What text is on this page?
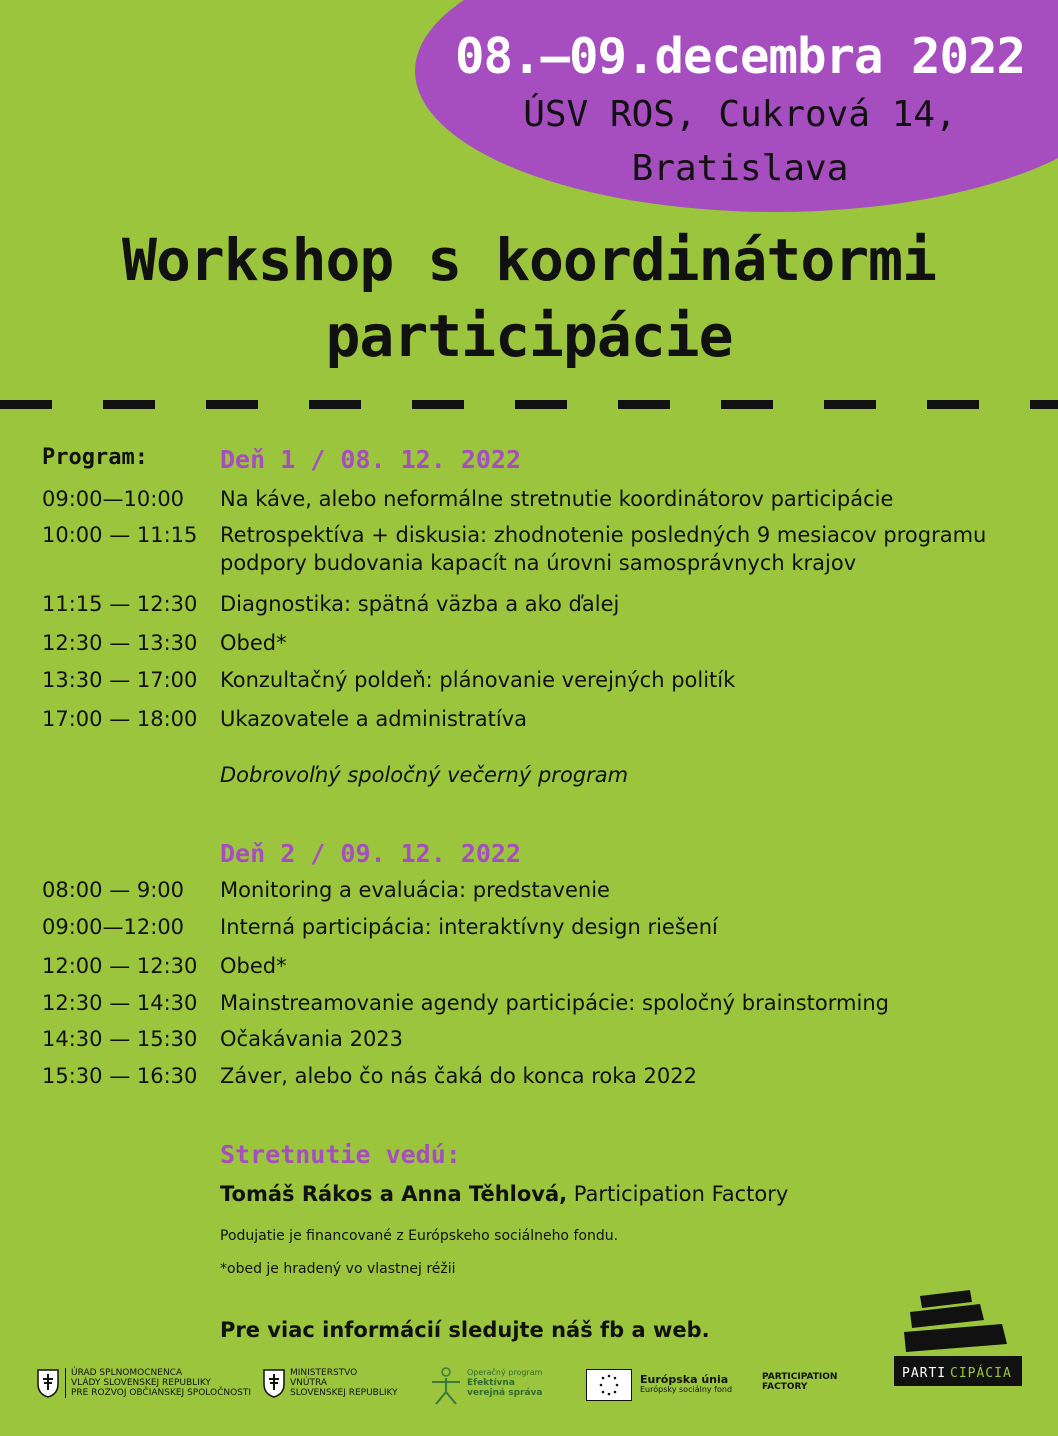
08.—09.decembra 2022
ÚSV ROS, Cukrová 14,
Bratislava
Workshop s koordinátormi
participácie
Program:	Deň 1 / 08. 12. 2022
09:00—10:00	Na káve, alebo neformálne stretnutie koordinátorov participácie
10:00 — 11:15 Retrospektíva + diskusia: zhodnotenie posledných 9 mesiacov programu podpory budovania kapacít na úrovni samosprávnych krajov
11:15 — 12:30 Diagnostika: spätná väzba a ako ďalej
12:30 — 13:30 Obed*
13:30 — 17:00 Konzultačný poldeň: plánovanie verejných politík
17:00 — 18:00 Ukazovatele a administratíva
Dobrovoľný spoločný večerný program
Deň 2 / 09. 12. 2022
08:00 — 9:00	Monitoring a evaluácia: predstavenie
09:00—12:00	Interná participácia: interaktívny design riešení
12:00 — 12:30 Obed*
12:30 — 14:30 Mainstreamovanie agendy participácie: spoločný brainstorming
14:30 — 15:30 Očakávania 2023
15:30 — 16:30 Záver, alebo čo nás čaká do konca roka 2022
Stretnutie vedú:
Tomáš Rákos a Anna Těhlová, Participation Factory
Podujatie je financované z Európskeho sociálneho fondu.
*obed je hradený vo vlastnej réžii
Pre viac informácií sledujte náš fb a web.
PARTI CIPÁCIA
ÚRAD SPLNOMOCNENCA
VLÁDY SLOVENSKEJ REPUBLIKY
PRE ROZVOJ OBČIANSKEJ SPOLOČNOSTI
MINISTERSTVO
VNÚTRA
SLOVENSKEJ REPUBLIKY
Operačný program
Efektívna
verejná správa
Európska únia
Európsky sociálny fond
PARTICIPATION
FACTORY
